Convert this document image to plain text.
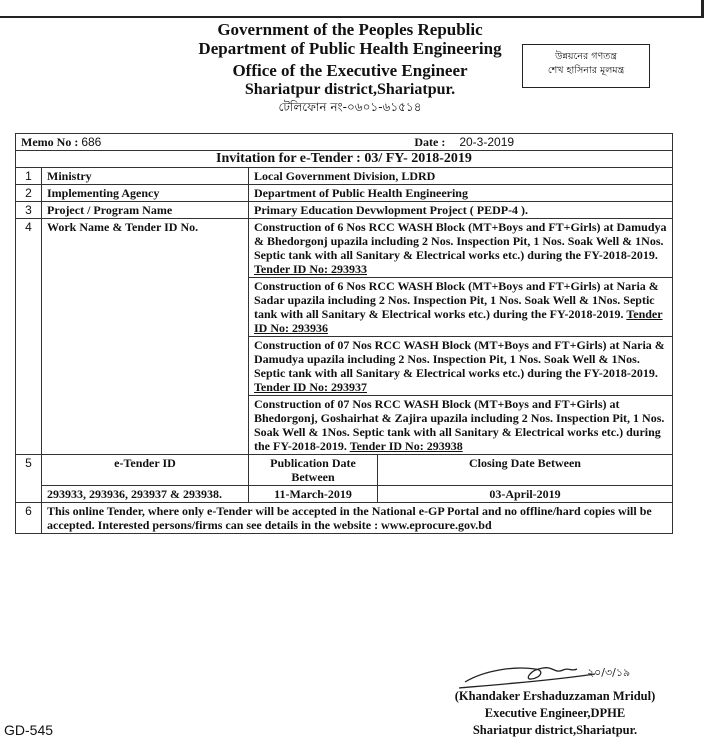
Government of the Peoples Republic
Department of Public Health Engineering
Office of the Executive Engineer
Shariatpur district,Shariatpur.
টেলিফোন নং-০৬০১-৬১৫১৪
উন্নয়নের গণতন্ত্র
শেখ হাসিনার মূলমন্ত্র
Memo No : 686 Date : 20-3-2019			
Invitation for e-Tender : 03/ FY- 2018-2019			
1	Ministry	Local Government Division, LDRD	
2	Implementing Agency	Department of Public Health Engineering	
3	Project / Program Name	Primary Education Devwlopment Project ( PEDP-4 ).	
4	Work Name & Tender ID No.	Construction of 6 Nos RCC WASH Block (MT+Boys and FT+Girls) at Damudya & Bhedorgonj upazila including 2 Nos. Inspection Pit, 1 Nos. Soak Well & 1Nos. Septic tank with all Sanitary & Electrical works etc.) during the FY-2018-2019. Tender ID No: 293933	
		Construction of 6 Nos RCC WASH Block (MT+Boys and FT+Girls) at Naria & Sadar upazila including 2 Nos. Inspection Pit, 1 Nos. Soak Well & 1Nos. Septic tank with all Sanitary & Electrical works etc.) during the FY-2018-2019. Tender ID No: 293936	
		Construction of 07 Nos RCC WASH Block (MT+Boys and FT+Girls) at Naria & Damudya upazila including 2 Nos. Inspection Pit, 1 Nos. Soak Well & 1Nos. Septic tank with all Sanitary & Electrical works etc.) during the FY-2018-2019. Tender ID No: 293937	
		Construction of 07 Nos RCC WASH Block (MT+Boys and FT+Girls) at Bhedorgonj, Goshairhat & Zajira upazila including 2 Nos. Inspection Pit, 1 Nos. Soak Well & 1Nos. Septic tank with all Sanitary & Electrical works etc.) during the FY-2018-2019. Tender ID No: 293938	
5	e-Tender ID	Publication Date Between	Closing Date Between
	293933, 293936, 293937 & 293938.	11-March-2019	03-April-2019
6	This online Tender, where only e-Tender will be accepted in the National e-GP Portal and no offline/hard copies will be accepted. Interested persons/firms can see details in the website : www.eprocure.gov.bd		
২০/৩/১৯
(Khandaker Ershaduzzaman Mridul)
Executive Engineer,DPHE
Shariatpur district,Shariatpur.
GD-545
